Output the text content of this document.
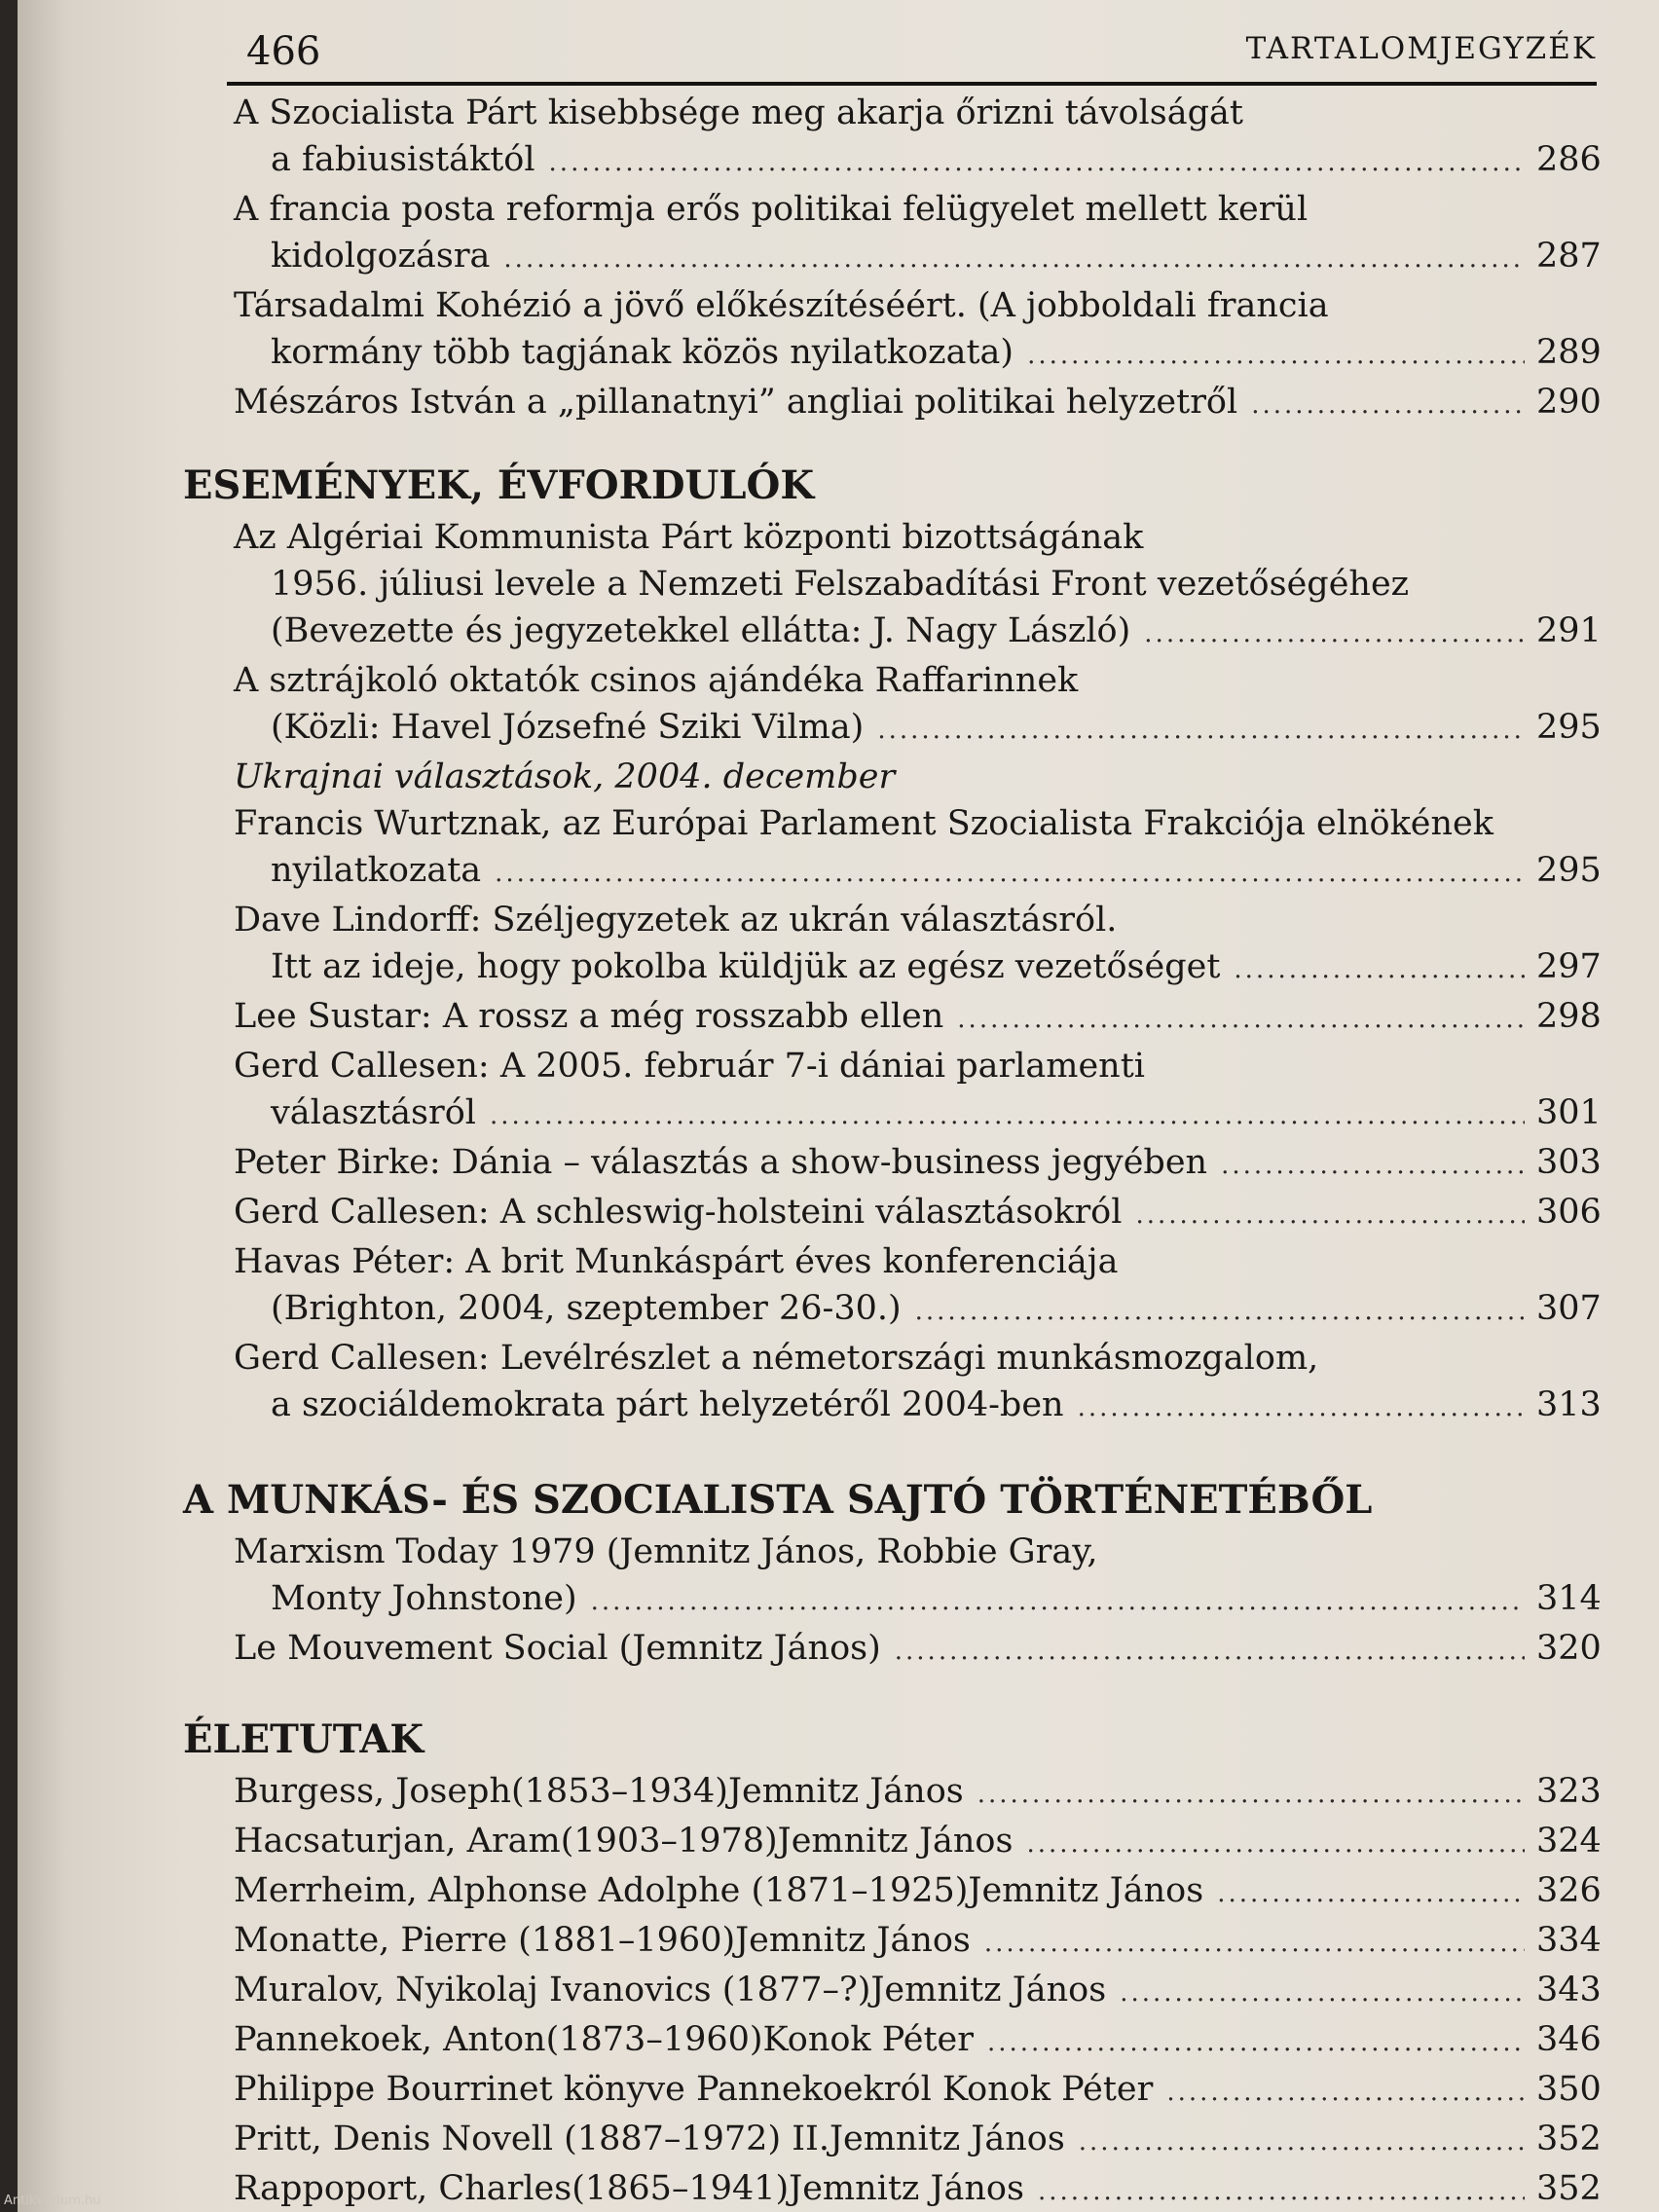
466	TARTALOMJEGYZÉK
A Szocialista Párt kisebbsége meg akarja őrizni távolságát
a fabiusistáktól .....	286
A francia posta reformja erős politikai felügyelet mellett kerül
kidolgozásra .....	287
Társadalmi Kohézió a jövő előkészítéséért. (A jobboldali francia
kormány több tagjának közös nyilatkozata) .....	289
Mészáros István a „pillanatnyi” angliai politikai helyzetről .....	290
ESEMÉNYEK, ÉVFORDULÓK
Az Algériai Kommunista Párt központi bizottságának
1956. júliusi levele a Nemzeti Felszabadítási Front vezetőségéhez
(Bevezette és jegyzetekkel ellátta: J. Nagy László) .....	291
A sztrájkoló oktatók csinos ajándéka Raffarinnek
(Közli: Havel Józsefné Sziki Vilma) .....	295
Ukrajnai választások, 2004. december
Francis Wurtznak, az Európai Parlament Szocialista Frakciója elnökének
nyilatkozata .....	295
Dave Lindorff: Széljegyzetek az ukrán választásról.
Itt az ideje, hogy pokolba küldjük az egész vezetőséget .....	297
Lee Sustar: A rossz a még rosszabb ellen .....	298
Gerd Callesen: A 2005. február 7-i dániai parlamenti
választásról .....	301
Peter Birke: Dánia – választás a show-business jegyében .....	303
Gerd Callesen: A schleswig-holsteini választásokról .....	306
Havas Péter: A brit Munkáspárt éves konferenciája
(Brighton, 2004, szeptember 26-30.) .....	307
Gerd Callesen: Levélrészlet a németországi munkásmozgalom,
a szociáldemokrata párt helyzetéről 2004-ben .....	313
A MUNKÁS- ÉS SZOCIALISTA SAJTÓ TÖRTÉNETÉBŐL
Marxism Today 1979 (Jemnitz János, Robbie Gray,
Monty Johnstone) .....	314
Le Mouvement Social (Jemnitz János) .....	320
ÉLETUTAK
Burgess, Joseph(1853–1934)Jemnitz János .....	323
Hacsaturjan, Aram(1903–1978)Jemnitz János .....	324
Merrheim, Alphonse Adolphe (1871–1925)Jemnitz János .....	326
Monatte, Pierre (1881–1960)Jemnitz János .....	334
Muralov, Nyikolaj Ivanovics (1877–?)Jemnitz János .....	343
Pannekoek, Anton(1873–1960)Konok Péter .....	346
Philippe Bourrinet könyve Pannekoekról Konok Péter .....	350
Pritt, Denis Novell (1887–1972) II.Jemnitz János .....	352
Rappoport, Charles(1865–1941)Jemnitz János .....	352
Antikvarium.hu
